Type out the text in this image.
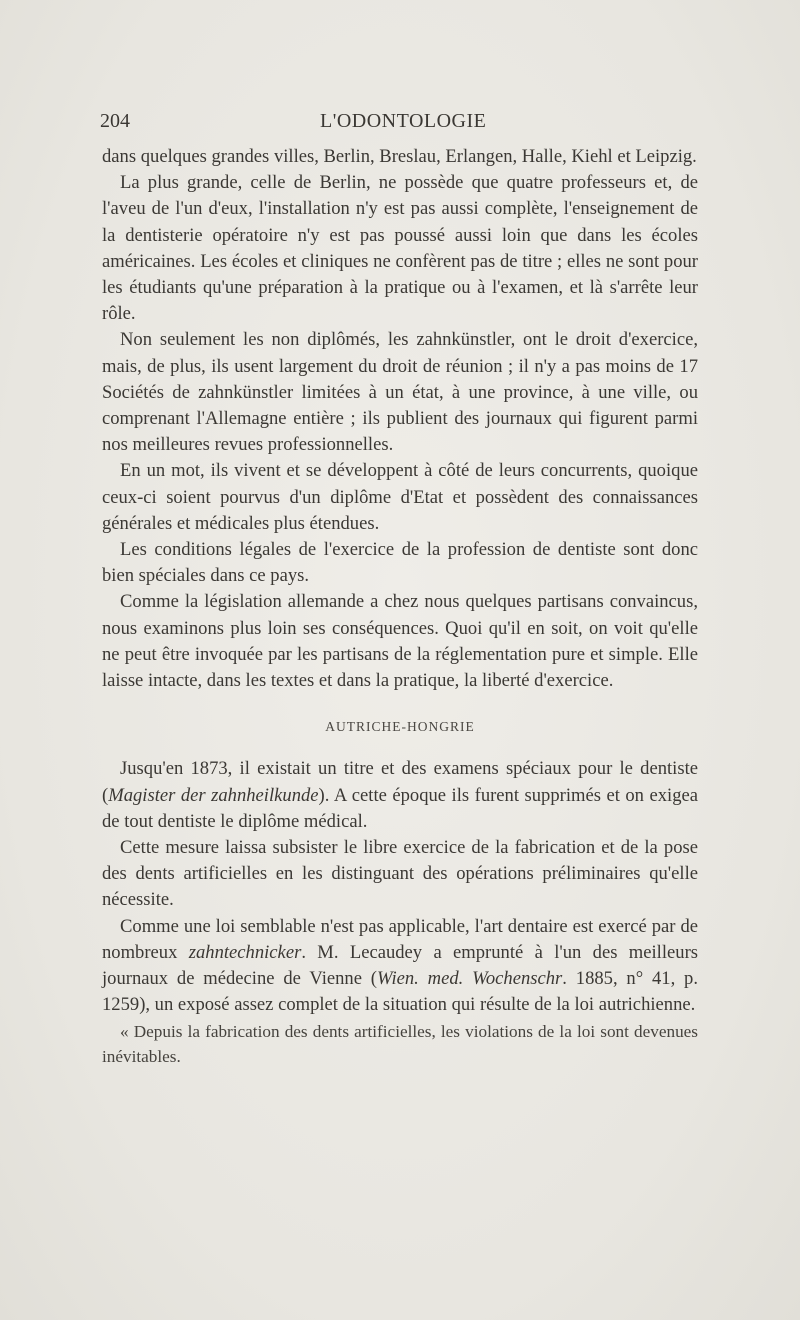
204	L'ODONTOLOGIE

dans quelques grandes villes, Berlin, Breslau, Erlangen, Halle, Kiehl et Leipzig.

La plus grande, celle de Berlin, ne possède que quatre professeurs et, de l'aveu de l'un d'eux, l'installation n'y est pas aussi complète, l'enseignement de la dentisterie opératoire n'y est pas poussé aussi loin que dans les écoles américaines. Les écoles et cliniques ne confèrent pas de titre ; elles ne sont pour les étudiants qu'une préparation à la pratique ou à l'examen, et là s'arrête leur rôle.

Non seulement les non diplômés, les zahnkünstler, ont le droit d'exercice, mais, de plus, ils usent largement du droit de réunion ; il n'y a pas moins de 17 Sociétés de zahnkünstler limitées à un état, à une province, à une ville, ou comprenant l'Allemagne entière ; ils publient des journaux qui figurent parmi nos meilleures revues professionnelles.

En un mot, ils vivent et se développent à côté de leurs concurrents, quoique ceux-ci soient pourvus d'un diplôme d'Etat et possèdent des connaissances générales et médicales plus étendues.

Les conditions légales de l'exercice de la profession de dentiste sont donc bien spéciales dans ce pays.

Comme la législation allemande a chez nous quelques partisans convaincus, nous examinons plus loin ses conséquences. Quoi qu'il en soit, on voit qu'elle ne peut être invoquée par les partisans de la réglementation pure et simple. Elle laisse intacte, dans les textes et dans la pratique, la liberté d'exercice.

AUTRICHE-HONGRIE

Jusqu'en 1873, il existait un titre et des examens spéciaux pour le dentiste (Magister der zahnheilkunde). A cette époque ils furent supprimés et on exigea de tout dentiste le diplôme médical.

Cette mesure laissa subsister le libre exercice de la fabrication et de la pose des dents artificielles en les distinguant des opérations préliminaires qu'elle nécessite.

Comme une loi semblable n'est pas applicable, l'art dentaire est exercé par de nombreux zahntechnicker. M. Lecaudey a emprunté à l'un des meilleurs journaux de médecine de Vienne (Wien. med. Wochenschr. 1885, n° 41, p. 1259), un exposé assez complet de la situation qui résulte de la loi autrichienne.

« Depuis la fabrication des dents artificielles, les violations de la loi sont devenues inévitables.
